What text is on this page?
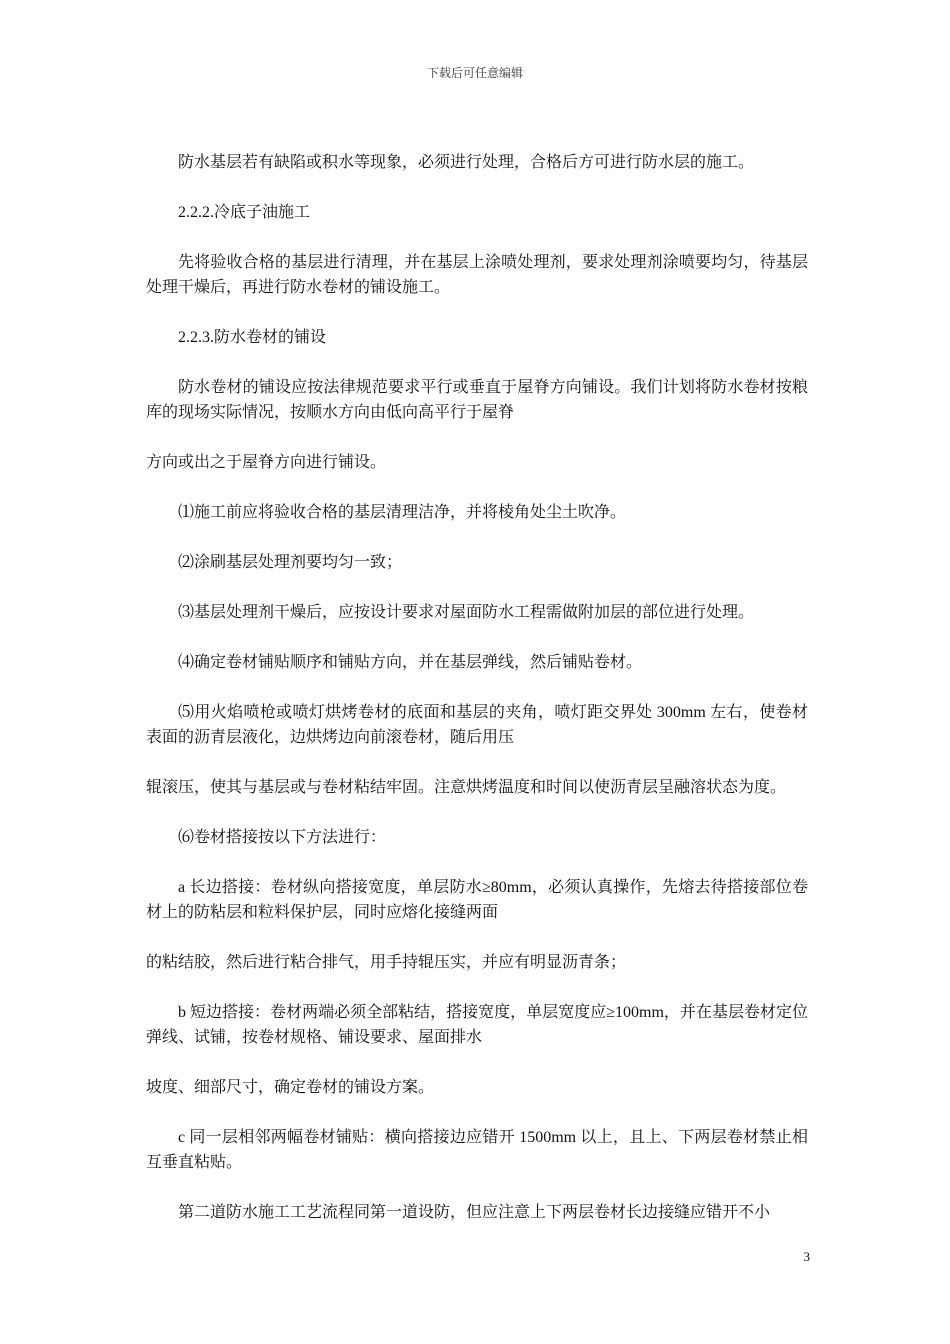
下载后可任意编辑

防水基层若有缺陷或积水等现象，必须进行处理，合格后方可进行防水层的施工。

2.2.2.冷底子油施工

先将验收合格的基层进行清理，并在基层上涂喷处理剂，要求处理剂涂喷要均匀，待基层处理干燥后，再进行防水卷材的铺设施工。

2.2.3.防水卷材的铺设

防水卷材的铺设应按法律规范要求平行或垂直于屋脊方向铺设。我们计划将防水卷材按粮库的现场实际情况，按顺水方向由低向高平行于屋脊

方向或出之于屋脊方向进行铺设。

⑴施工前应将验收合格的基层清理洁净，并将棱角处尘土吹净。

⑵涂刷基层处理剂要均匀一致；

⑶基层处理剂干燥后，应按设计要求对屋面防水工程需做附加层的部位进行处理。

⑷确定卷材铺贴顺序和铺贴方向，并在基层弹线，然后铺贴卷材。

⑸用火焰喷枪或喷灯烘烤卷材的底面和基层的夹角，喷灯距交界处 300mm 左右，使卷材表面的沥青层液化，边烘烤边向前滚卷材，随后用压

辊滚压，使其与基层或与卷材粘结牢固。注意烘烤温度和时间以使沥青层呈融溶状态为度。

⑹卷材搭接按以下方法进行：

a 长边搭接：卷材纵向搭接宽度，单层防水≥80mm，必须认真操作，先熔去待搭接部位卷材上的防粘层和粒料保护层，同时应熔化接缝两面

的粘结胶，然后进行粘合排气，用手持辊压实，并应有明显沥青条；

b 短边搭接：卷材两端必须全部粘结，搭接宽度，单层宽度应≥100mm，并在基层卷材定位弹线、试铺，按卷材规格、铺设要求、屋面排水

坡度、细部尺寸，确定卷材的铺设方案。

c 同一层相邻两幅卷材铺贴：横向搭接边应错开 1500mm 以上，且上、下两层卷材禁止相互垂直粘贴。

第二道防水施工工艺流程同第一道设防，但应注意上下两层卷材长边接缝应错开不小

3
